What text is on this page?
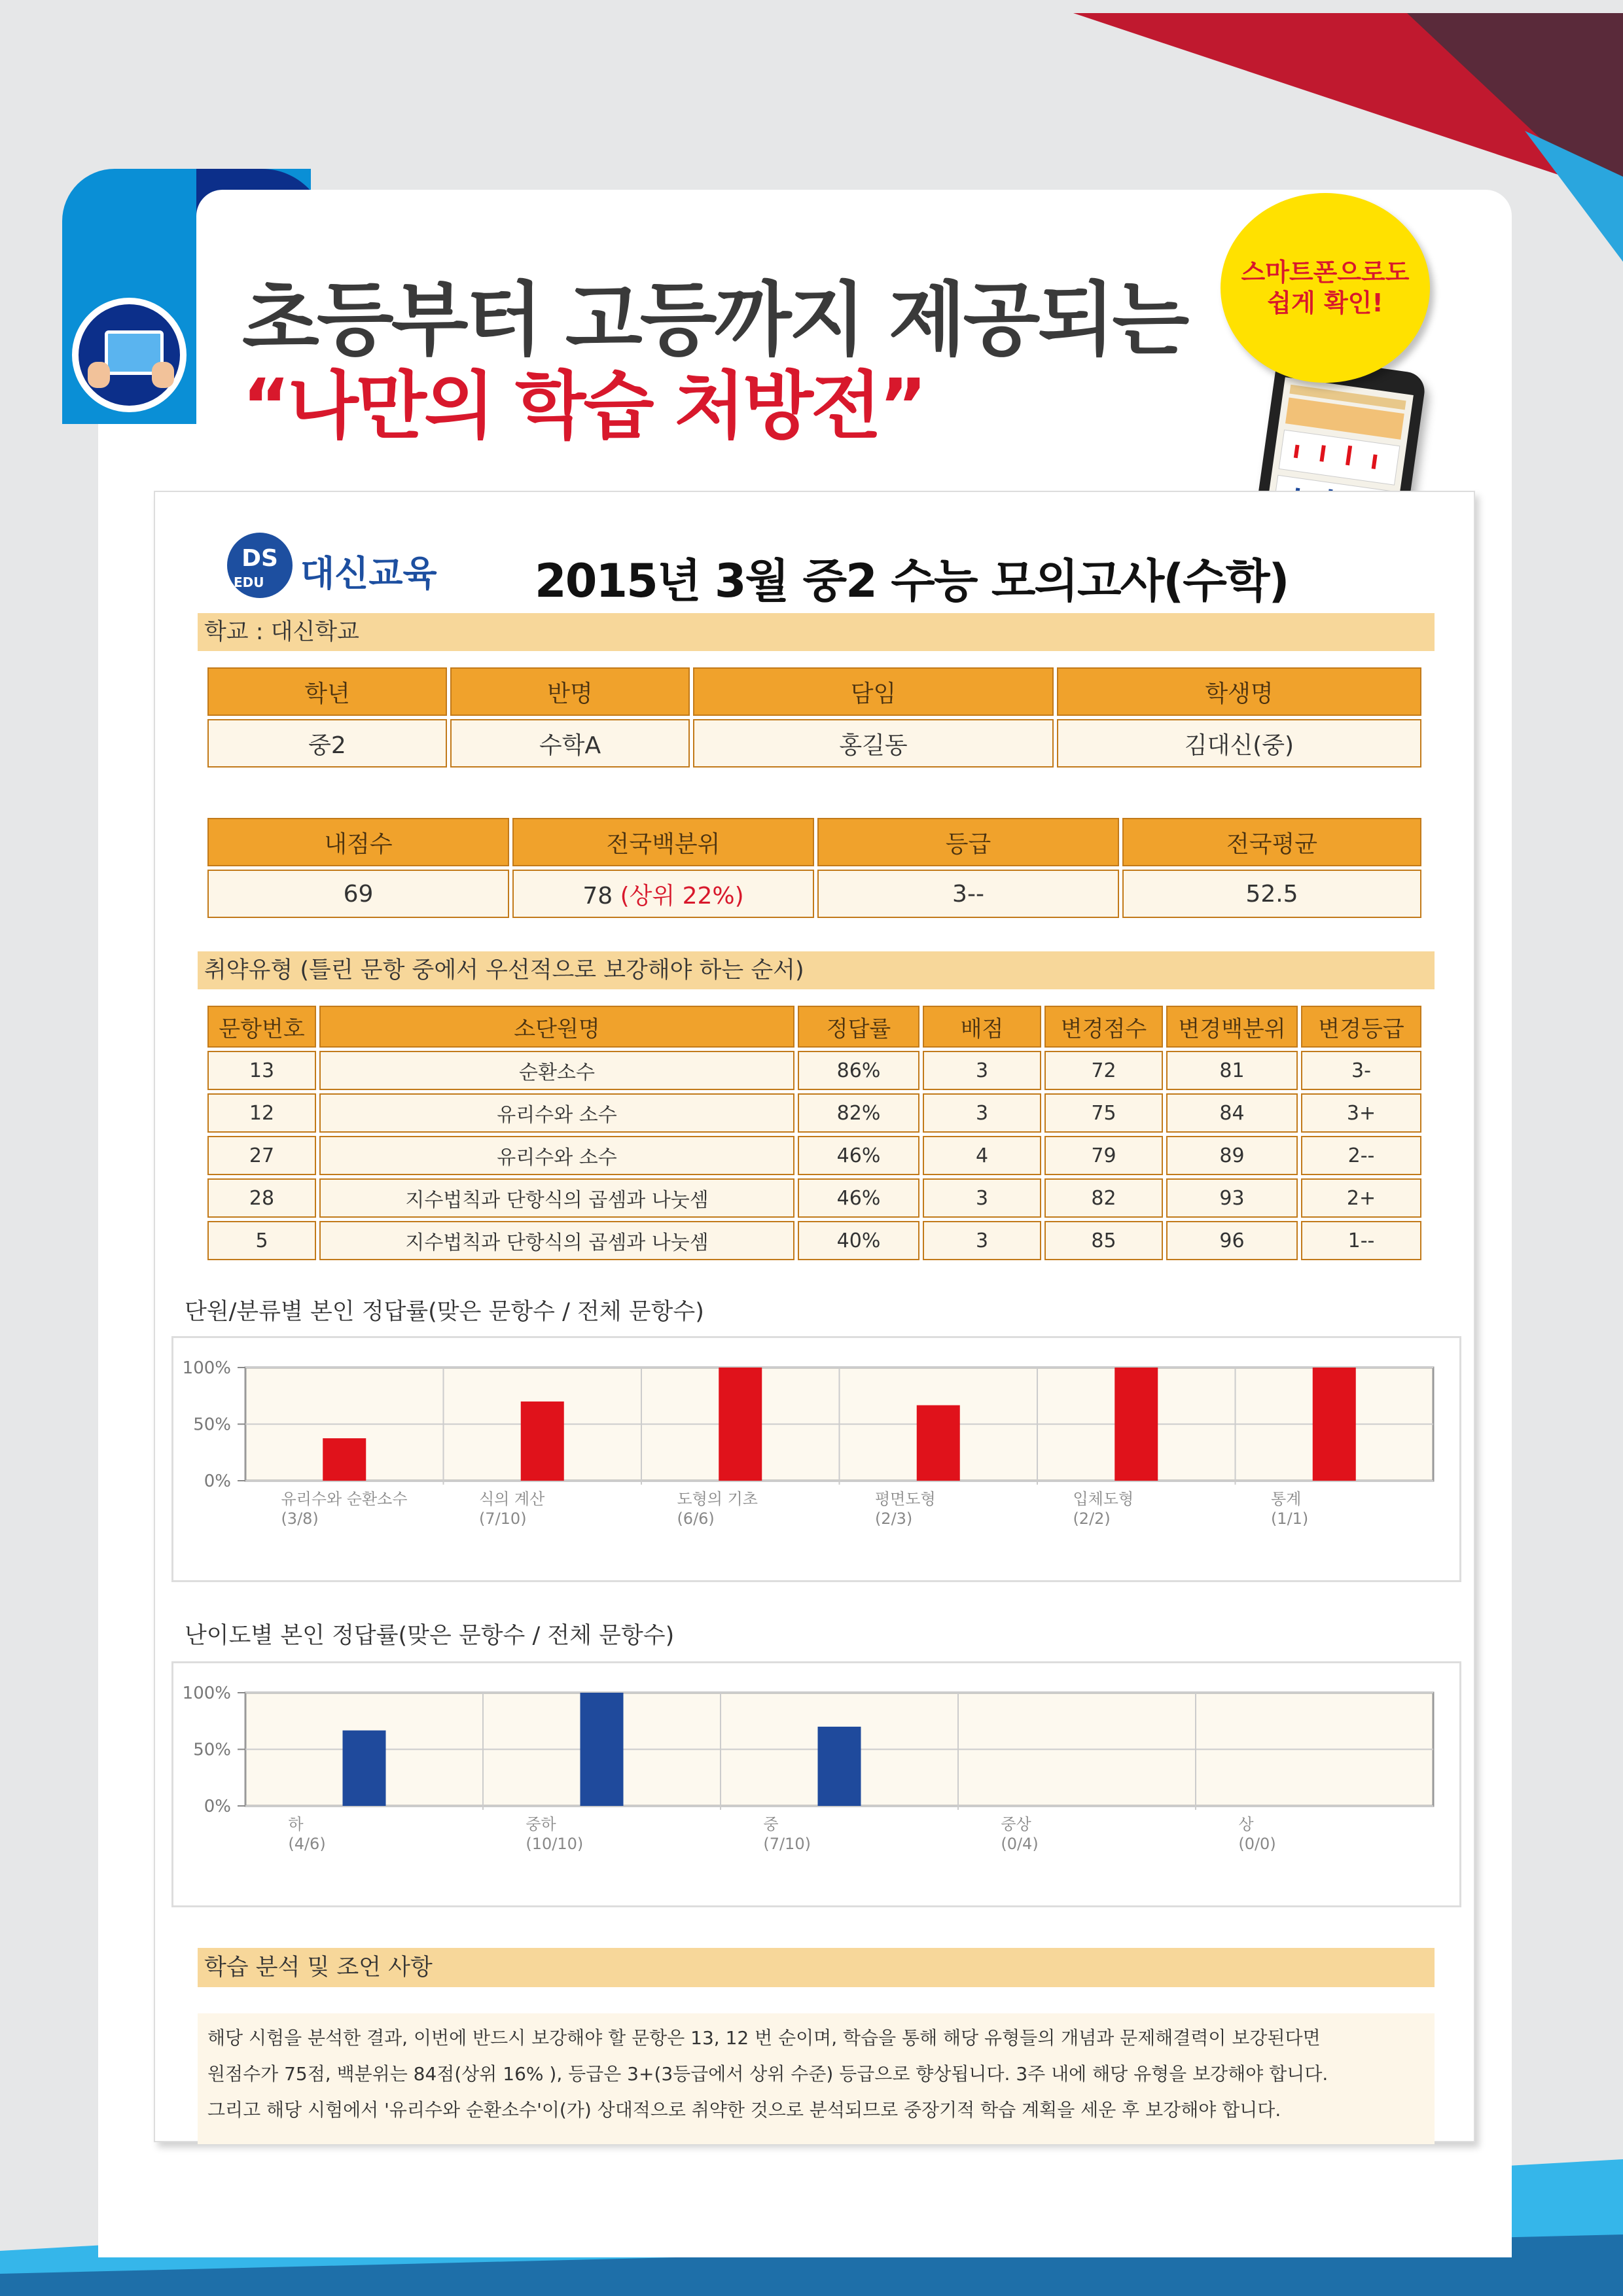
초등부터 고등까지 제공되는
“나만의 학습 처방전”
스마트폰으로도
쉽게 확인!
DS
EDU 대신교육 2015년 3월 중2 수능 모의고사(수학)
학교 : 대신학교
학년	반명	담임	학생명
중2	수학A	홍길동	김대신(중)
내점수	전국백분위	등급	전국평균
69	78 (상위 22%)	3--	52.5
취약유형 (틀린 문항 중에서 우선적으로 보강해야 하는 순서)
문항번호	소단원명	정답률	배점	변경점수	변경백분위	변경등급
13	순환소수	86%	3	72	81	3-
12	유리수와 소수	82%	3	75	84	3+
27	유리수와 소수	46%	4	79	89	2--
28	지수법칙과 단항식의 곱셈과 나눗셈	46%	3	82	93	2+
5	지수법칙과 단항식의 곱셈과 나눗셈	40%	3	85	96	1--
단원/분류별 본인 정답률(맞은 문항수 / 전체 문항수)
0%
50%
100%
유리수와 순환소수
(3/8)
식의 계산
(7/10)
도형의 기초
(6/6)
평면도형
(2/3)
입체도형
(2/2)
통계
(1/1)
난이도별 본인 정답률(맞은 문항수 / 전체 문항수)
0%
50%
100%
하
(4/6)
중하
(10/10)
중
(7/10)
중상
(0/4)
상
(0/0)
학습 분석 및 조언 사항

해당 시험을 분석한 결과, 이번에 반드시 보강해야 할 문항은 13, 12 번 순이며, 학습을 통해 해당 유형들의 개념과 문제해결력이 보강된다면

원점수가 75점, 백분위는 84점(상위 16% ), 등급은 3+(3등급에서 상위 수준) 등급으로 향상됩니다. 3주 내에 해당 유형을 보강해야 합니다.

그리고 해당 시험에서 '유리수와 순환소수'이(가) 상대적으로 취약한 것으로 분석되므로 중장기적 학습 계획을 세운 후 보강해야 합니다.
